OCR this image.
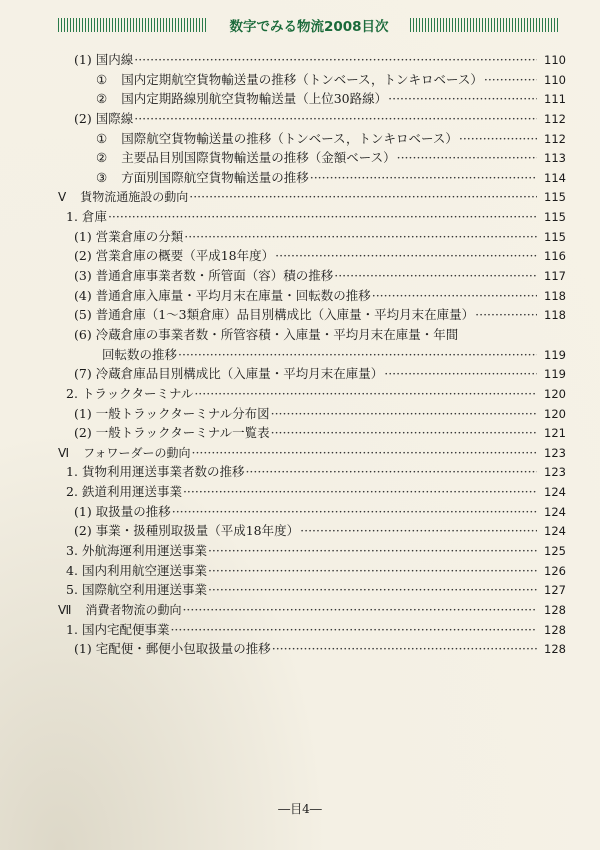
数字でみる物流2008目次
(1) 国内線 ·····	110
① 国内定期航空貨物輸送量の推移（トンベース，トンキロベース） ·····	110
② 国内定期路線別航空貨物輸送量（上位30路線） ·····	111
(2) 国際線 ·····	112
① 国際航空貨物輸送量の推移（トンベース，トンキロベース） ·····	112
② 主要品目別国際貨物輸送量の推移（金額ベース） ·····	113
③ 方面別国際航空貨物輸送量の推移 ·····	114
Ⅴ 貨物流通施設の動向 ·····	115
1. 倉庫 ·····	115
(1) 営業倉庫の分類 ·····	115
(2) 営業倉庫の概要（平成18年度） ·····	116
(3) 普通倉庫事業者数・所管面（容）積の推移 ·····	117
(4) 普通倉庫入庫量・平均月末在庫量・回転数の推移 ·····	118
(5) 普通倉庫（1～3類倉庫）品目別構成比（入庫量・平均月末在庫量） ·····	118
(6) 冷蔵倉庫の事業者数・所管容積・入庫量・平均月末在庫量・年間
回転数の推移 ·····	119
(7) 冷蔵倉庫品目別構成比（入庫量・平均月末在庫量） ·····	119
2. トラックターミナル ·····	120
(1) 一般トラックターミナル分布図 ·····	120
(2) 一般トラックターミナル一覧表 ·····	121
Ⅵ フォワーダーの動向 ·····	123
1. 貨物利用運送事業者数の推移 ·····	123
2. 鉄道利用運送事業 ·····	124
(1) 取扱量の推移 ·····	124
(2) 事業・扱種別取扱量（平成18年度） ·····	124
3. 外航海運利用運送事業 ·····	125
4. 国内利用航空運送事業 ·····	126
5. 国際航空利用運送事業 ·····	127
Ⅶ 消費者物流の動向 ·····	128
1. 国内宅配便事業 ·····	128
(1) 宅配便・郵便小包取扱量の推移 ·····	128
―目4―
